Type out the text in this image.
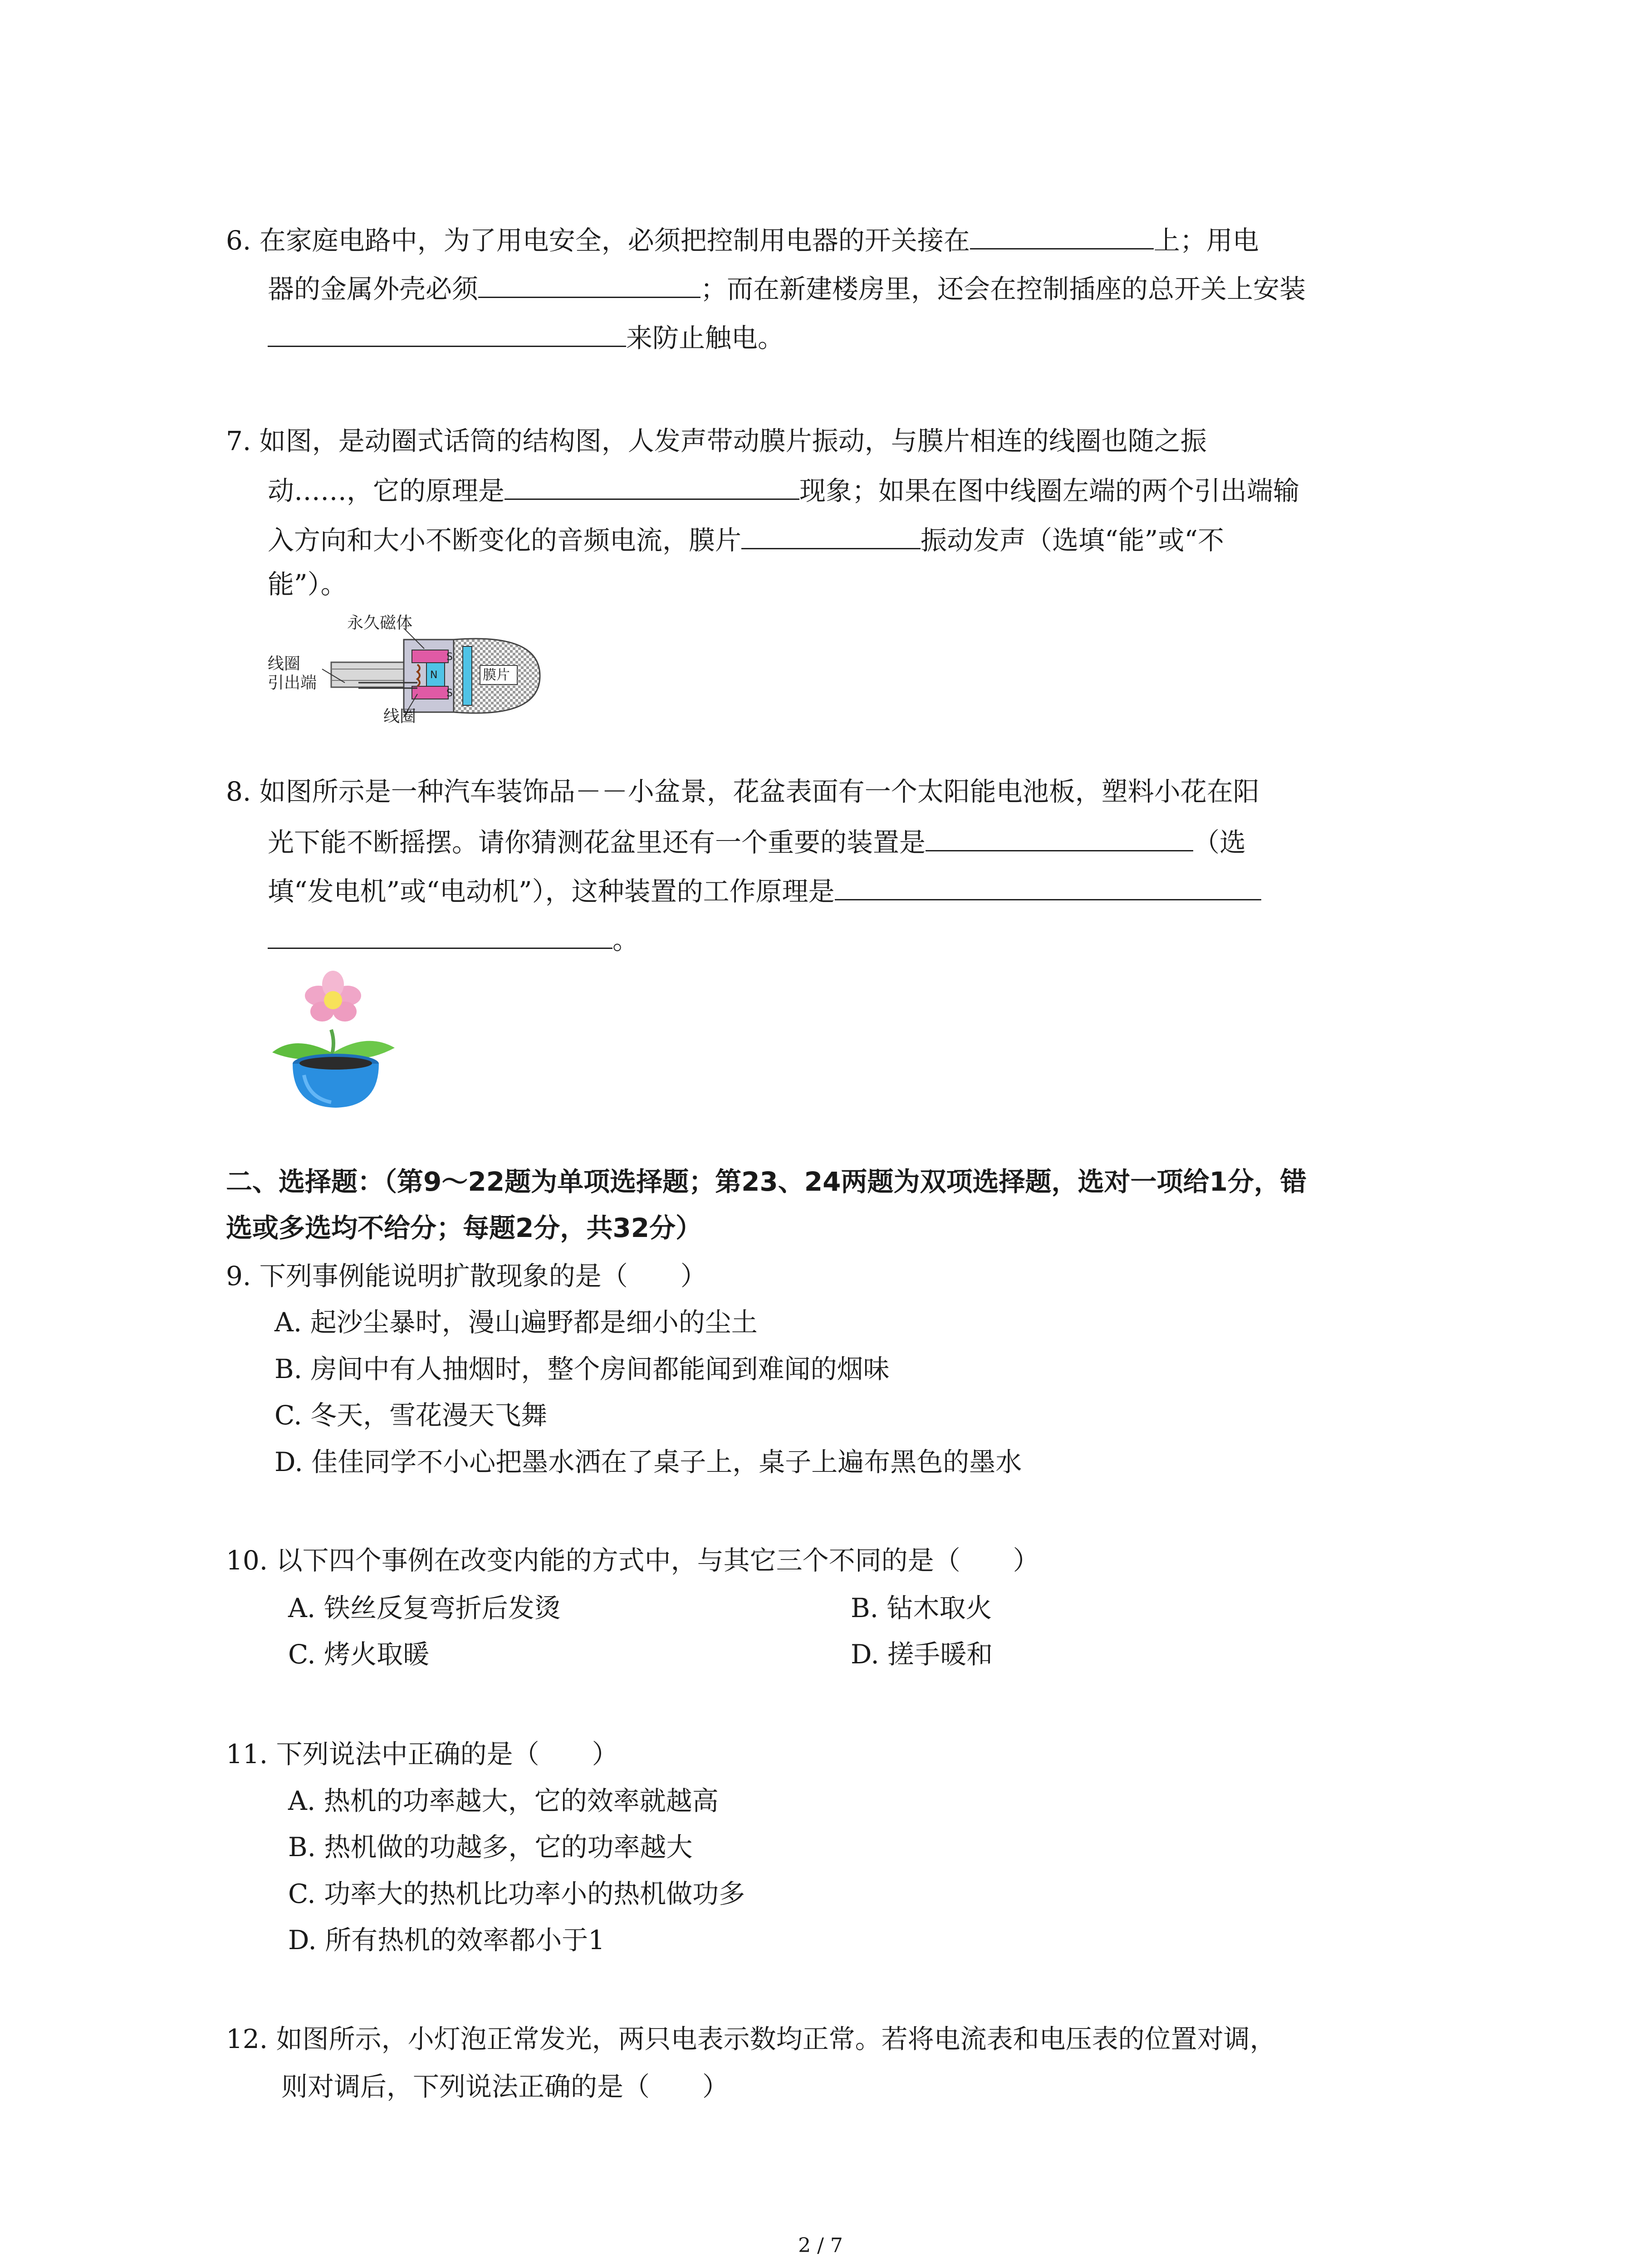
6. 在家庭电路中，为了用电安全，必须把控制用电器的开关接在	上；用电
器的金属外壳必须	；而在新建楼房里，还会在控制插座的总开关上安装
来防止触电。
7. 如图，是动圈式话筒的结构图，人发声带动膜片振动，与膜片相连的线圈也随之振
动……，它的原理是	现象；如果在图中线圈左端的两个引出端输
入方向和大小不断变化的音频电流，膜片	振动发声（选填“能”或“不
能”）。
S
S
N	膜片
永久磁体
线圈
引出端
线圈
8. 如图所示是一种汽车装饰品－－小盆景，花盆表面有一个太阳能电池板，塑料小花在阳
光下能不断摇摆。请你猜测花盆里还有一个重要的装置是	（选
填“发电机”或“电动机”），这种装置的工作原理是
。
二、选择题：（第9～22题为单项选择题；第23、24两题为双项选择题，选对一项给1分，错
选或多选均不给分；每题2分，共32分）
9. 下列事例能说明扩散现象的是（　　）
A. 起沙尘暴时，漫山遍野都是细小的尘土
B. 房间中有人抽烟时，整个房间都能闻到难闻的烟味
C. 冬天，雪花漫天飞舞
D. 佳佳同学不小心把墨水洒在了桌子上，桌子上遍布黑色的墨水
10. 以下四个事例在改变内能的方式中，与其它三个不同的是（　　）
A. 铁丝反复弯折后发烫	B. 钻木取火
C. 烤火取暖	D. 搓手暖和
11. 下列说法中正确的是（　　）
A. 热机的功率越大，它的效率就越高
B. 热机做的功越多，它的功率越大
C. 功率大的热机比功率小的热机做功多
D. 所有热机的效率都小于1
12. 如图所示，小灯泡正常发光，两只电表示数均正常。若将电流表和电压表的位置对调，
则对调后，下列说法正确的是（　　）
2 / 7
